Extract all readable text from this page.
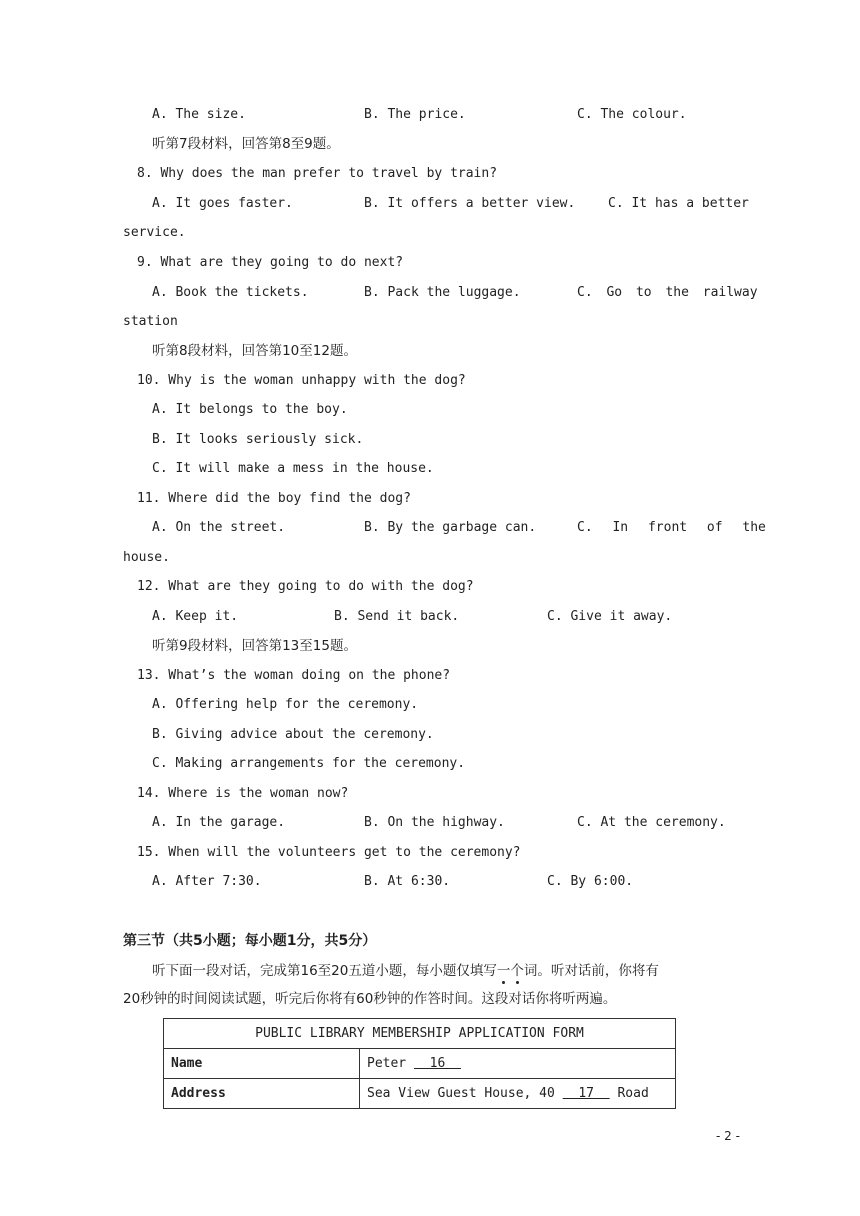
A. The size.	B. The price.	C. The colour.
听第7段材料，回答第8至9题。
8. Why does the man prefer to travel by train?
A. It goes faster.	B. It offers a better view.	C. It has a better
service.
9. What are they going to do next?
A. Book the tickets.	B. Pack the luggage.	C. Go to the railway
station
听第8段材料，回答第10至12题。
10. Why is the woman unhappy with the dog?
A. It belongs to the boy.
B. It looks seriously sick.
C. It will make a mess in the house.
11. Where did the boy find the dog?
A. On the street.	B. By the garbage can.	C. In front of the
house.
12. What are they going to do with the dog?
A. Keep it.	B. Send it back.	C. Give it away.
听第9段材料，回答第13至15题。
13. What’s the woman doing on the phone?
A. Offering help for the ceremony.
B. Giving advice about the ceremony.
C. Making arrangements for the ceremony.
14. Where is the woman now?
A. In the garage.	B. On the highway.	C. At the ceremony.
15. When will the volunteers get to the ceremony?
A. After 7:30.	B. At 6:30.	C. By 6:00.
第三节（共5小题；每小题1分，共5分）
听下面一段对话，完成第16至20五道小题，每小题仅填写一个词。听对话前，你将有
20秒钟的时间阅读试题，听完后你将有60秒钟的作答时间。这段对话你将听两遍。
PUBLIC LIBRARY MEMBERSHIP APPLICATION FORM	
Name	Peter   16
Address	Sea View Guest House, 40   17   Road
- 2 -
